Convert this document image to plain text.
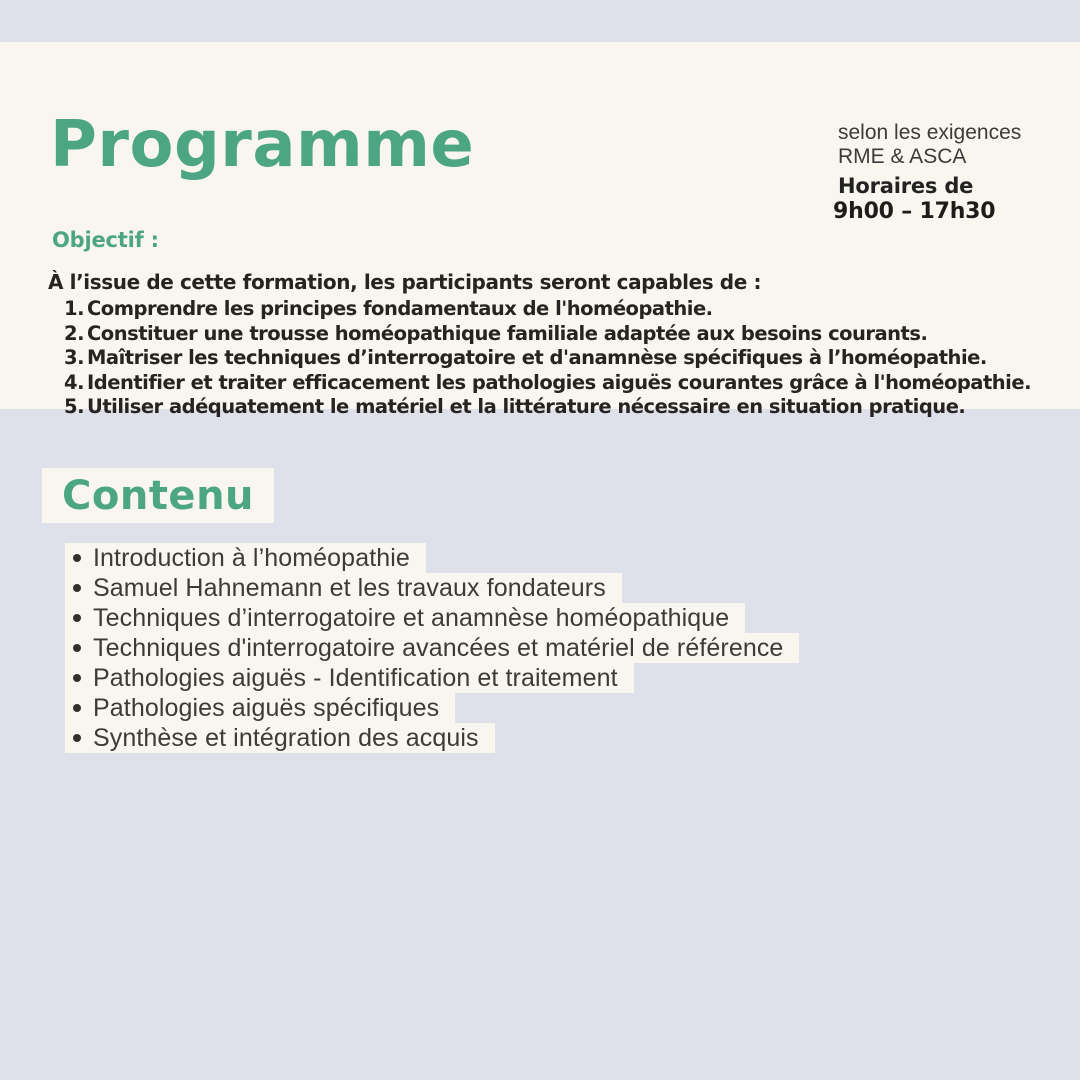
Programme	selon les exigences
RME & ASCA
Horaires de
9h00 – 17h30
Objectif :

À l’issue de cette formation, les participants seront capables de :

Comprendre les principes fondamentaux de l'homéopathie.
Constituer une trousse homéopathique familiale adaptée aux besoins courants.
Maîtriser les techniques d’interrogatoire et d'anamnèse spécifiques à l’homéopathie.
Identifier et traiter efficacement les pathologies aiguës courantes grâce à l'homéopathie.
Utiliser adéquatement le matériel et la littérature nécessaire en situation pratique.
Contenu
Introduction à l’homéopathie
Samuel Hahnemann et les travaux fondateurs
Techniques d’interrogatoire et anamnèse homéopathique
Techniques d'interrogatoire avancées et matériel de référence
Pathologies aiguës - Identification et traitement
Pathologies aiguës spécifiques
Synthèse et intégration des acquis
